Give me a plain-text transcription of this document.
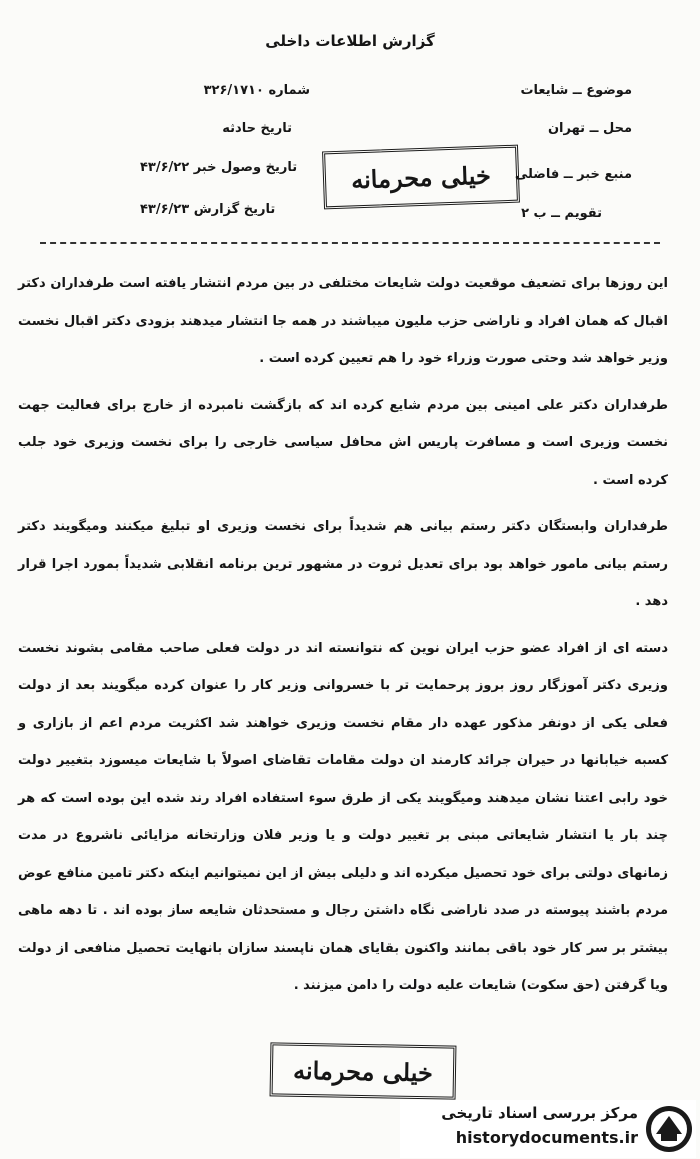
گزارش اطلاعات داخلی
موضوع ــ شایعات
شماره ۳۲۶/۱۷۱۰
محل ــ تهران
تاریخ حادثه
منبع خبر ــ فاضلی
تاریخ وصول خبر ۴۳/۶/۲۲
تقویم ــ ب ۲
تاریخ گزارش ۴۳/۶/۲۳
خیلی محرمانه

این روزها برای تضعیف موقعیت دولت شایعات مختلفی در بین مردم انتشار یافته است طرفداران دکتر اقبال که همان افراد و ناراضی حزب ملیون میباشند در همه جا انتشار میدهند بزودی دکتر اقبال نخست وزیر خواهد شد وحتی صورت وزراء خود را هم تعیین کرده است .

طرفداران دکتر علی امینی بین مردم شایع کرده اند که بازگشت نامبرده از خارج برای فعالیت جهت نخست وزیری است و مسافرت پاریس اش محافل سیاسی خارجی را برای نخست وزیری خود جلب کرده است .

طرفداران وابستگان دکتر رستم بیانی هم شدیداً برای نخست وزیری او تبلیغ میکنند ومیگویند دکتر رستم بیانی مامور خواهد بود برای تعدیل ثروت در مشهور ترین برنامه انقلابی شدیداً بمورد اجرا قرار دهد .

دسته ای از افراد عضو حزب ایران نوین که نتوانسته اند در دولت فعلی صاحب مقامی بشوند نخست وزیری دکتر آموزگار روز بروز پرحمایت تر با خسروانی وزیر کار را عنوان کرده میگویند بعد از دولت فعلی یکی از دونفر مذکور عهده دار مقام نخست وزیری خواهند شد اکثریت مردم اعم از بازاری و کسبه خیابانها در حیران جرائد کارمند ان دولت مقامات تقاضای اصولاً با شایعات میسوزد بتغییر دولت خود رابی اعتنا نشان میدهند ومیگویند یکی از طرق سوء استفاده افراد رند شده این بوده است که هر چند بار یا انتشار شایعاتی مبنی بر تغییر دولت و یا وزیر فلان وزارتخانه مزایائی ناشروع در مدت زمانهای دولتی برای خود تحصیل میکرده اند و دلیلی بیش از این نمیتوانیم اینکه دکتر تامین منافع عوض مردم باشند پیوسته در صدد ناراضی نگاه داشتن رجال و مستحدثان شایعه ساز بوده اند . تا دهه ماهی بیشتر بر سر کار خود باقی بمانند واکنون بقایای همان ناپسند سازان بانهایت تحصیل منافعی از دولت ویا گرفتن (حق سکوت) شایعات علیه دولت را دامن میزنند .

خیلی محرمانه
مرکز بررسی اسناد تاریخی
historydocuments.ir
